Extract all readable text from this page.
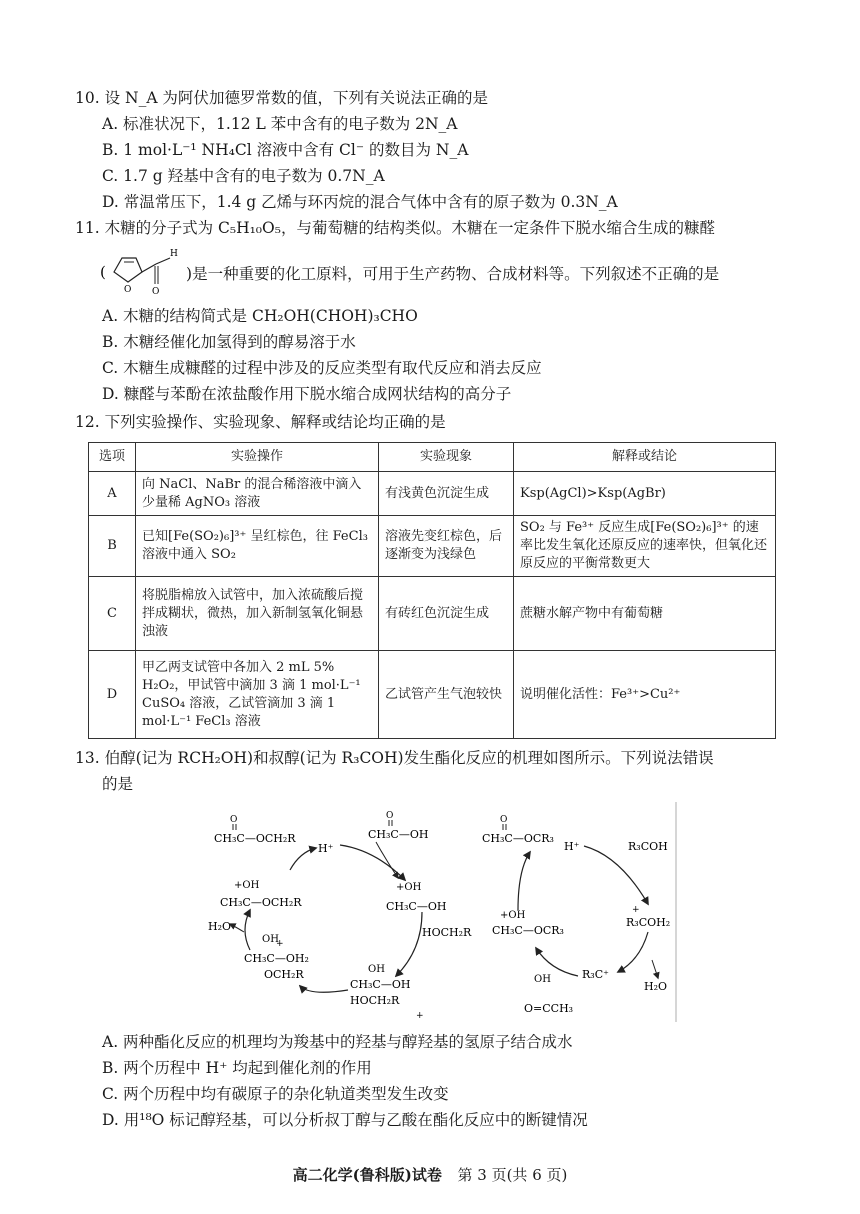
10. 设 N_A 为阿伏加德罗常数的值，下列有关说法正确的是
A. 标准状况下，1.12 L 苯中含有的电子数为 2N_A
B. 1 mol·L⁻¹ NH₄Cl 溶液中含有 Cl⁻ 的数目为 N_A
C. 1.7 g 羟基中含有的电子数为 0.7N_A
D. 常温常压下，1.4 g 乙烯与环丙烷的混合气体中含有的原子数为 0.3N_A
11. 木糖的分子式为 C₅H₁₀O₅，与葡萄糖的结构类似。木糖在一定条件下脱水缩合生成的糠醛
(
O
H
O
)是一种重要的化工原料，可用于生产药物、合成材料等。下列叙述不正确的是
A. 木糖的结构简式是 CH₂OH(CHOH)₃CHO
B. 木糖经催化加氢得到的醇易溶于水
C. 木糖生成糠醛的过程中涉及的反应类型有取代反应和消去反应
D. 糠醛与苯酚在浓盐酸作用下脱水缩合成网状结构的高分子
12. 下列实验操作、实验现象、解释或结论均正确的是
选项	实验操作	实验现象	解释或结论
A	向 NaCl、NaBr 的混合稀溶液中滴入少量稀 AgNO₃ 溶液	有浅黄色沉淀生成	Ksp(AgCl)>Ksp(AgBr)
B	已知[Fe(SO₂)₆]³⁺ 呈红棕色，往 FeCl₃ 溶液中通入 SO₂	溶液先变红棕色，后逐渐变为浅绿色	SO₂ 与 Fe³⁺ 反应生成[Fe(SO₂)₆]³⁺ 的速率比发生氧化还原反应的速率快，但氧化还原反应的平衡常数更大
C	将脱脂棉放入试管中，加入浓硫酸后搅拌成糊状，微热，加入新制氢氧化铜悬浊液	有砖红色沉淀生成	蔗糖水解产物中有葡萄糖
D	甲乙两支试管中各加入 2 mL 5% H₂O₂，甲试管中滴加 3 滴 1 mol·L⁻¹ CuSO₄ 溶液，乙试管滴加 3 滴 1 mol·L⁻¹ FeCl₃ 溶液	乙试管产生气泡较快	说明催化活性：Fe³⁺>Cu²⁺
13. 伯醇(记为 RCH₂OH)和叔醇(记为 R₃COH)发生酯化反应的机理如图所示。下列说法错误
的是
O
CH₃C—OCH₂R
H⁺
O
CH₃C—OH
+OH
CH₃C—OH
HOCH₂R
OH
CH₃C—OH
HOCH₂R
+
OH
+
CH₃C—OH₂
OCH₂R
H₂O
+OH
CH₃C—OCH₂R
O
CH₃C—OCR₃
H⁺	R₃COH
R₃COH₂
+
H₂O
R₃C⁺
OH
O=CCH₃
+OH
CH₃C—OCR₃
A. 两种酯化反应的机理均为羧基中的羟基与醇羟基的氢原子结合成水
B. 两个历程中 H⁺ 均起到催化剂的作用
C. 两个历程中均有碳原子的杂化轨道类型发生改变
D. 用¹⁸O 标记醇羟基，可以分析叔丁醇与乙酸在酯化反应中的断键情况
高二化学(鲁科版)试卷 第 3 页(共 6 页)
